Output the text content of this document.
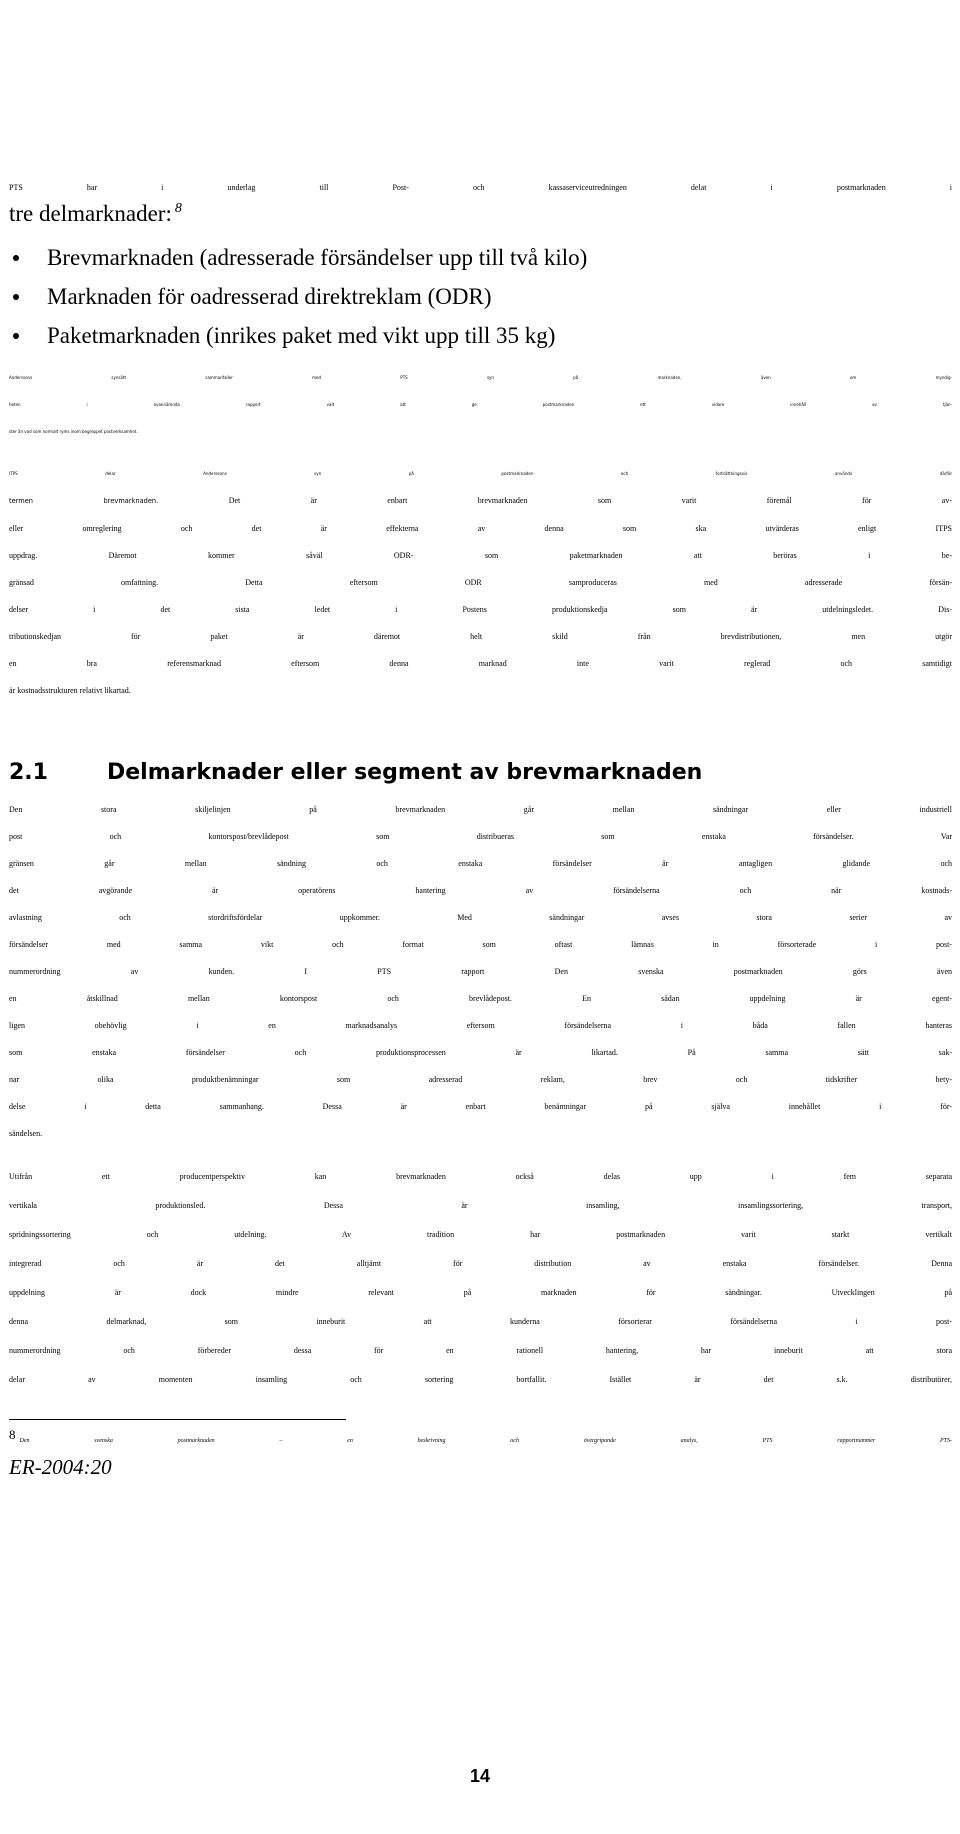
PTS har i underlag till Post- och kassaserviceutredningen delat i postmarknaden i
tre delmarknader: $^8$
Brevmarknaden (adresserade försändelser upp till två kilo)
Marknaden för oadresserad direktreklam (ODR)
Paketmarknaden (inrikes paket med vikt upp till 35 kg)
Anderssons synsätt sammanfaller med PTS syn på marknaden, även om myndig-
heten i ovannämnda rapport valt att ge postmarknaden ett vidare innehåll av tjän-
ster än vad som normalt ryms inom begreppet postverksamhet.
ITPS delar Anderssons syn på postmarknaden och fortsättningsvis används därför
termen brevmarknaden.	Det är enbart brevmarknaden som varit föremål för av-
eller omreglering och det är effekterna av denna som ska utvärderas enligt ITPS
uppdrag. Däremot kommer såväl ODR- som paketmarknaden att beröras i be-
gränsad omfattning. Detta eftersom ODR samproduceras med adresserade försän-
delser i det sista ledet i Postens produktionskedja som är utdelningsledet. Dis-
tributionskedjan för paket är däremot helt skild från brevdistributionen, men utgör
en bra referensmarknad eftersom denna marknad inte varit reglerad och samtidigt
är kostnadsstrukturen relativt likartad.
2.1	Delmarknader eller segment av brevmarknaden
Den stora skiljelinjen på brevmarknaden går mellan sändningar eller industriell
post och kontorspost/brevlådepost som distribueras som enstaka försändelser. Var
gränsen går mellan sändning och enstaka försändelser är antagligen glidande och
det avgörande är operatörens hantering av försändelserna och när kostnads-
avlastning och stordriftsfördelar uppkommer. Med sändningar avses stora serier av
försändelser med samma vikt och format som oftast lämnas in försorterade i post-
nummerordning av kunden. I PTS rapport Den svenska postmarknaden görs även
en åtskillnad mellan kontorspost och brevlådepost. En sådan uppdelning är egent-
ligen obehövlig i en marknadsanalys eftersom försändelserna i båda fallen hanteras
som enstaka försändelser och produktionsprocessen är likartad. På samma sätt sak-
nar olika produktbenämningar som adresserad reklam, brev och tidskrifter bety-
delse i detta sammanhang. Dessa är enbart benämningar på själva innehållet i för-
sändelsen.
Utifrån ett producentperspektiv kan brevmarknaden också delas upp i fem separata
vertikala produktionsled. Dessa är insamling, insamlingssortering, transport,
spridningssortering och utdelning. Av tradition har postmarknaden varit starkt vertikalt
integrerad och är det alltjämt för distribution av enstaka försändelser. Denna
uppdelning är dock mindre relevant på marknaden för sändningar. Utvecklingen på
denna delmarknad, som inneburit att kunderna försorterar försändelserna i post-
nummerordning och förbereder dessa för en rationell hantering, har inneburit att stora
delar av momenten insamling och sortering bortfallit. Istället är det s.k. distributörer,
8 Den svenska postmarknaden – en beskrivning och övergripande analys, PTS rapportnummer PTS-
ER-2004:20
14
